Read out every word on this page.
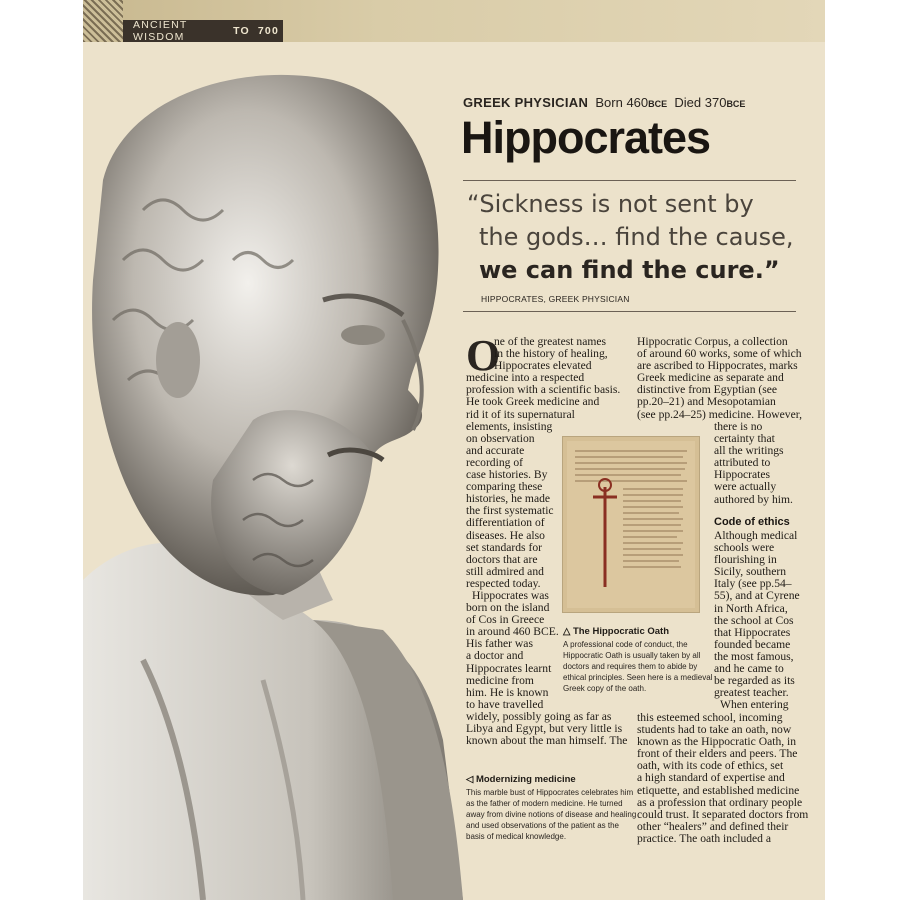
ANCIENT WISDOM	TO 700
GREEK PHYSICIAN Born 460BCE Died 370BCE
Hippocrates
“Sickness is not sent by
the gods… find the cause,
we can find the cure.”
HIPPOCRATES, GREEK PHYSICIAN
O
ne of the greatest names
in the history of healing,
Hippocrates elevated
medicine into a respected
profession with a scientific basis.
He took Greek medicine and
rid it of its supernatural
elements, insisting
on observation
and accurate
recording of
case histories. By
comparing these
histories, he made
the first systematic
differentiation of
diseases. He also
set standards for
doctors that are
still admired and
respected today.
Hippocrates was
born on the island
of Cos in Greece
in around 460 BCE.
His father was
a doctor and
Hippocrates learnt
medicine from
him. He is known
to have travelled
widely, possibly going as far as
Libya and Egypt, but very little is
known about the man himself. The
Hippocratic Corpus, a collection
of around 60 works, some of which
are ascribed to Hippocrates, marks
Greek medicine as separate and
distinctive from Egyptian (see
pp.20–21) and Mesopotamian
(see pp.24–25) medicine. However,
there is no
certainty that
all the writings
attributed to
Hippocrates
were actually
authored by him.
Code of ethics
Although medical
schools were
flourishing in
Sicily, southern
Italy (see pp.54–
55), and at Cyrene
in North Africa,
the school at Cos
that Hippocrates
founded became
the most famous,
and he came to
be regarded as its
greatest teacher.
When entering
this esteemed school, incoming
students had to take an oath, now
known as the Hippocratic Oath, in
front of their elders and peers. The
oath, with its code of ethics, set
a high standard of expertise and
etiquette, and established medicine
as a profession that ordinary people
could trust. It separated doctors from
other “healers” and defined their
practice. The oath included a
△ The Hippocratic Oath
A professional code of conduct, the
Hippocratic Oath is usually taken by all
doctors and requires them to abide by
ethical principles. Seen here is a medieval
Greek copy of the oath.
◁ Modernizing medicine
This marble bust of Hippocrates celebrates him
as the father of modern medicine. He turned
away from divine notions of disease and healing
and used observations of the patient as the
basis of medical knowledge.
